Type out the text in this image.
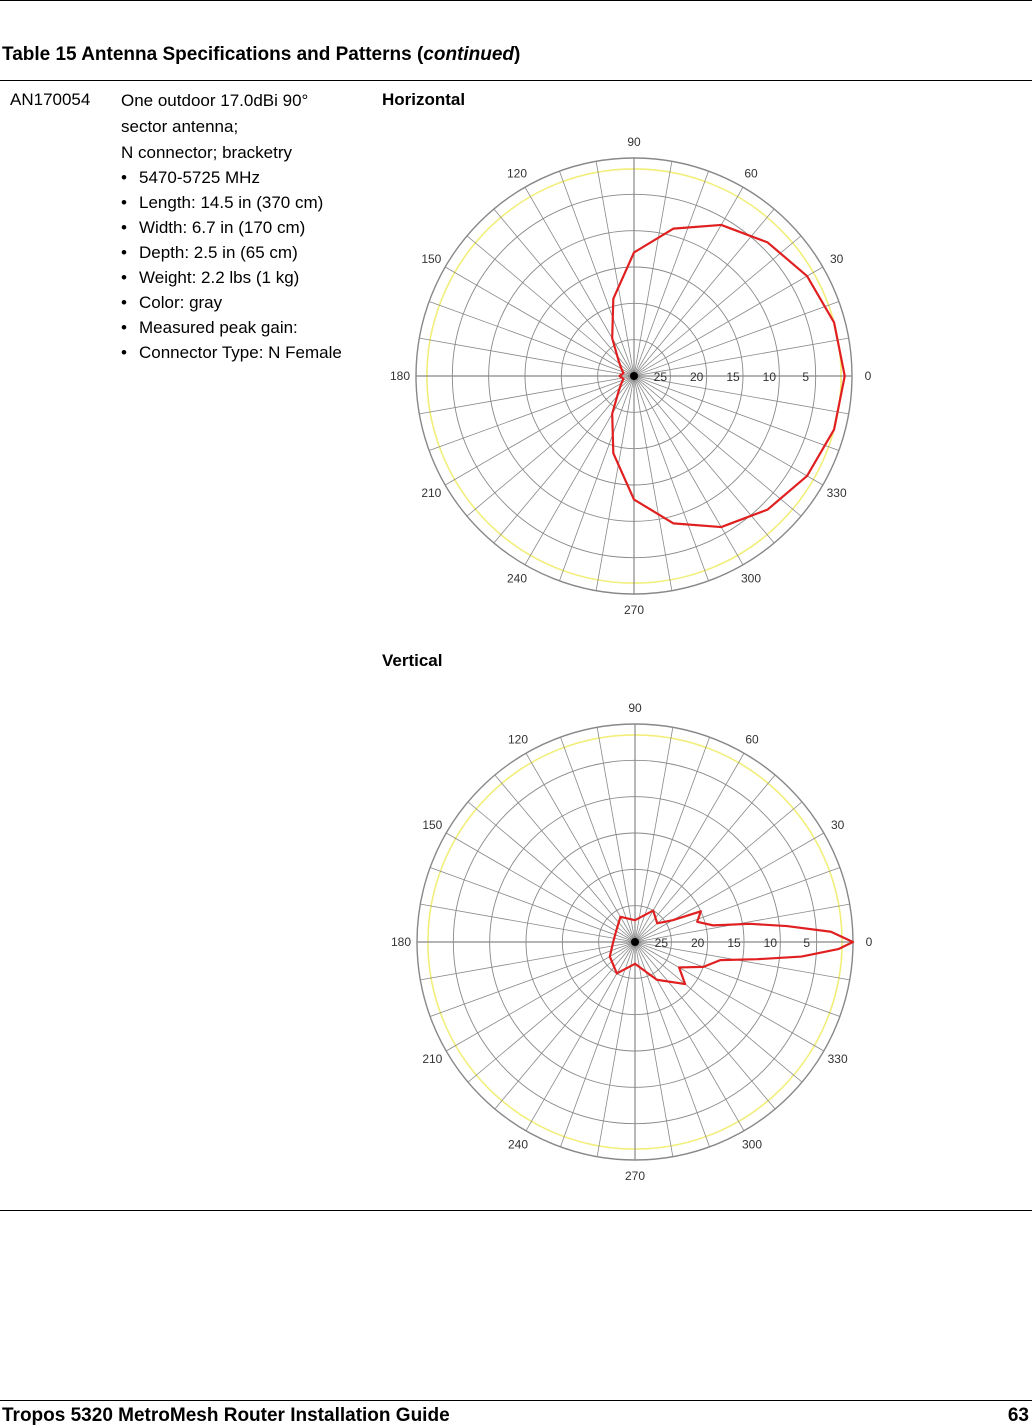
Table 15 Antenna Specifications and Patterns (continued)
AN170054 One outdoor 17.0dBi 90°
sector antenna;
N connector; bracketry
• 5470-5725 MHz
• Length: 14.5 in (370 cm)
• Width: 6.7 in (170 cm)
• Depth: 2.5 in (65 cm)
• Weight: 2.2 lbs (1 kg)
• Color: gray
• Measured peak gain:
• Connector Type: N Female
Horizontal
0
30
60
90
120
150
180
210
240
270
300
330
25 20 15 10 5
Vertical
0
30
60
90
120
150
180
210
240
270
300
330
25 20 15 10 5
Tropos 5320 MetroMesh Router Installation Guide	63
